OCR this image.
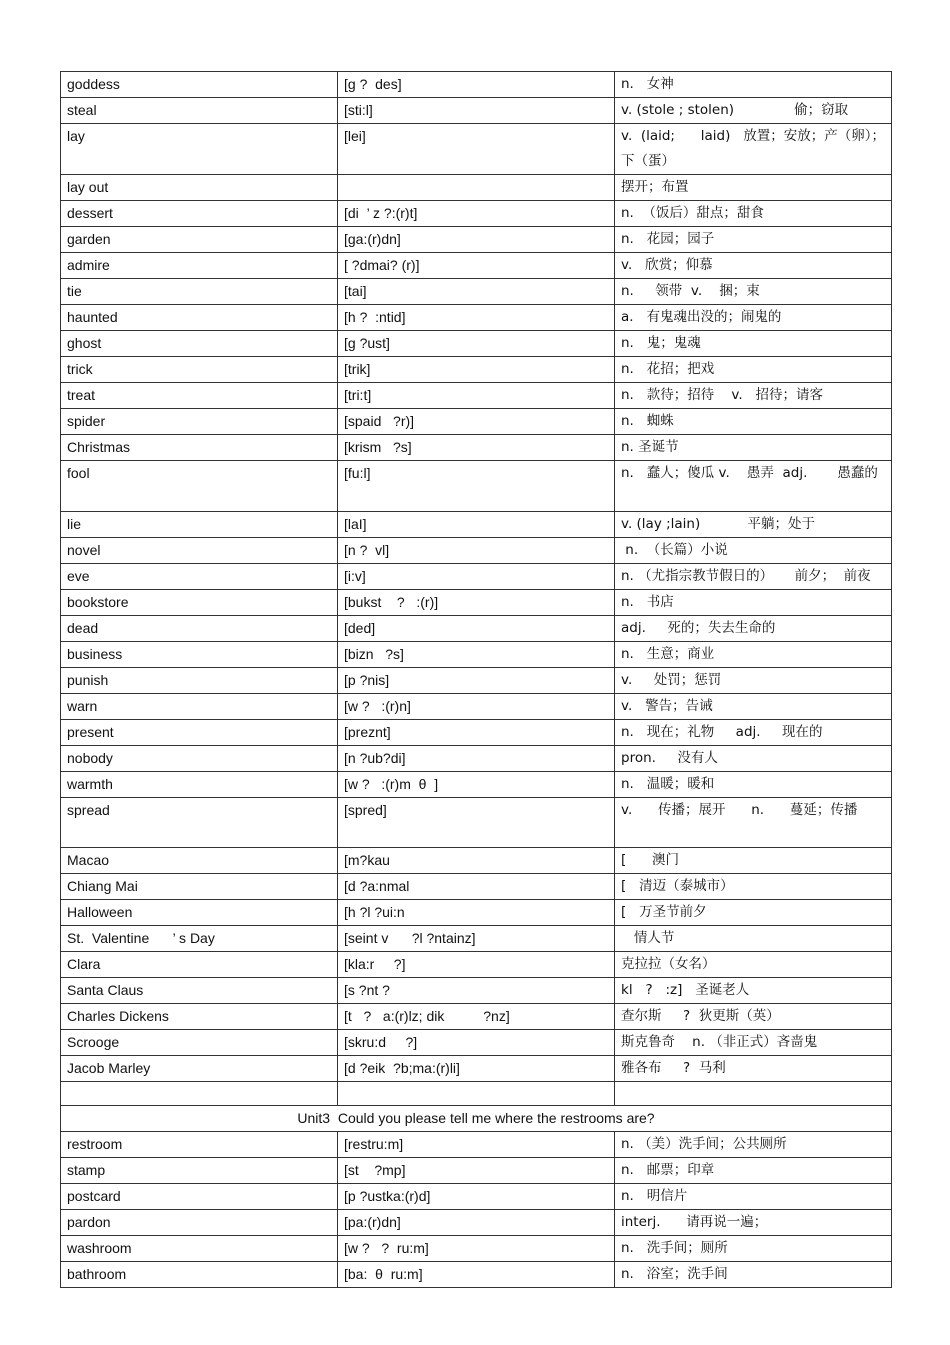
goddess	[g ?  des]	n.   女神
steal	[sti:l]	v. (stole ; stolen)              偷；窃取
lay	[lei]	v.  (laid;      laid)   放置；安放；产（卵）；下（蛋）
lay out		摆开；布置
dessert	[di  ’ z ?:(r)t]	n.  （饭后）甜点；甜食
garden	[ga:(r)dn]	n.   花园；园子
admire	[ ?dmai? (r)]	v.   欣赏；仰慕
tie	[tai]	n.     领带  v.    捆；束
haunted	[h ?  :ntid]	a.   有鬼魂出没的；闹鬼的
ghost	[g ?ust]	n.   鬼；鬼魂
trick	[trik]	n.   花招；把戏
treat	[tri:t]	n.   款待；招待    v.   招待；请客
spider	[spaid   ?r)]	n.   蜘蛛
Christmas	[krism   ?s]	n. 圣诞节
fool	[fu:l]	n.   蠢人；傻瓜 v.    愚弄  adj.       愚蠢的
lie	[laI]	v. (lay ;lain)           平躺；处于
novel	[n ?  vl]	n.  （长篇）小说
eve	[i:v]	n. （尤指宗教节假日的）     前夕；  前夜
bookstore	[bukst    ?   :(r)]	n.   书店
dead	[ded]	adj.     死的；失去生命的
business	[bizn   ?s]	n.   生意；商业
punish	[p ?nis]	v.     处罚；惩罚
warn	[w ?   :(r)n]	v.   警告；告诫
present	[preznt]	n.   现在；礼物     adj.     现在的
nobody	[n ?ub?di]	pron.     没有人
warmth	[w ?   :(r)m  θ  ]	n.   温暖；暖和
spread	[spred]	v.      传播；展开      n.      蔓延；传播
Macao	[m?kau	[      澳门
Chiang Mai	[d ?a:nmal	[   清迈（泰城市）
Halloween	[h ?l ?ui:n	[   万圣节前夕
St.  Valentine      ’ s Day	[seint v      ?l ?ntainz]	情人节
Clara	[kla:r     ?]	克拉拉（女名）
Santa Claus	[s ?nt ?	kl   ?   :z]   圣诞老人
Charles Dickens	[t   ?   a:(r)lz; dik          ?nz]	查尔斯     ?  狄更斯（英）
Scrooge	[skru:d     ?]	斯克鲁奇    n. （非正式）吝啬鬼
Jacob Marley	[d ?eik  ?b;ma:(r)li]	雅各布     ?  马利

Unit3  Could you please tell me where the restrooms are?		
restroom	[restru:m]	n. （美）洗手间；公共厕所
stamp	[st    ?mp]	n.   邮票；印章
postcard	[p ?ustka:(r)d]	n.   明信片
pardon	[pa:(r)dn]	interj.      请再说一遍；
washroom	[w ?   ?  ru:m]	n.   洗手间；厕所
bathroom	[ba:  θ  ru:m]	n.   浴室；洗手间
